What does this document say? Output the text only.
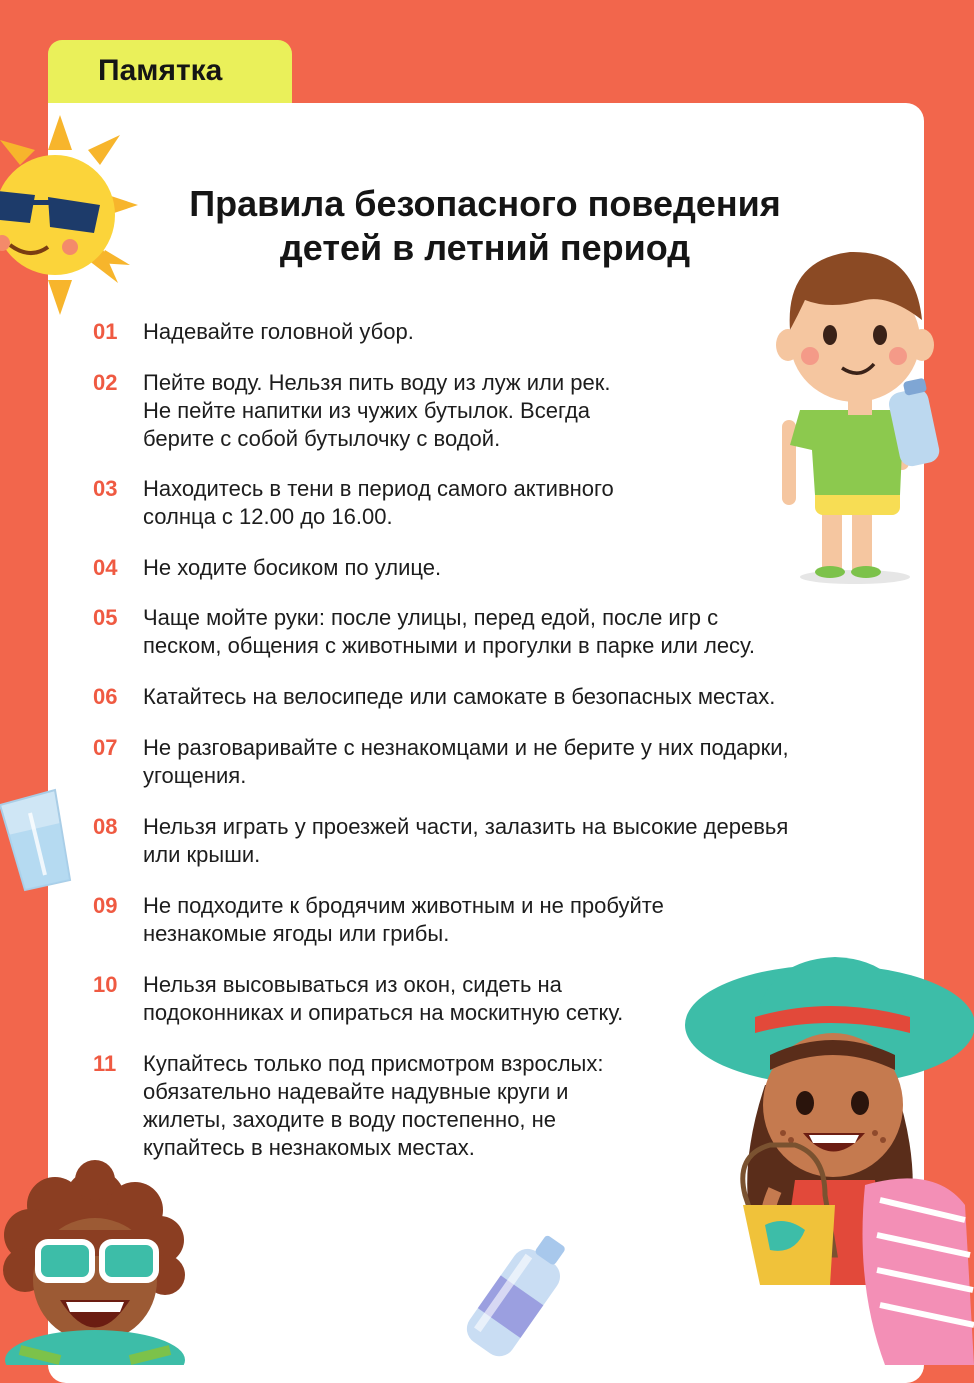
Памятка
Правила безопасного поведения
детей в летний период
01	Надевайте головной убор.
02	Пейте воду. Нельзя пить воду из луж или рек.
Не пейте напитки из чужих бутылок. Всегда
берите с собой бутылочку с водой.
03	Находитесь в тени в период самого активного
солнца с 12.00 до 16.00.
04	Не ходите босиком по улице.
05	Чаще мойте руки: после улицы, перед едой, после игр с
песком, общения с животными и прогулки в парке или лесу.
06	Катайтесь на велосипеде или самокате в безопасных местах.
07	Не разговаривайте с незнакомцами и не берите у них подарки,
угощения.
08	Нельзя играть у проезжей части, залазить на высокие деревья
или крыши.
09	Не подходите к бродячим животным и не пробуйте
незнакомые ягоды или грибы.
10	Нельзя высовываться из окон, сидеть на
подоконниках и опираться на москитную сетку.
11	Купайтесь только под присмотром взрослых:
обязательно надевайте надувные круги и
жилеты, заходите в воду постепенно, не
купайтесь в незнакомых местах.
